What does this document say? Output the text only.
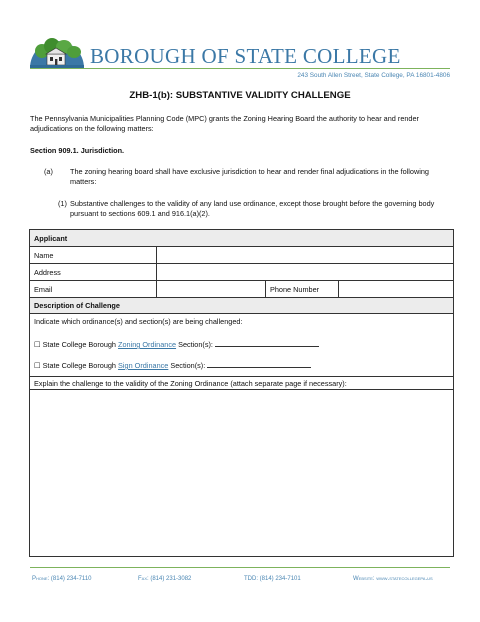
BOROUGH OF STATE COLLEGE
243 South Allen Street, State College, PA 16801-4806
ZHB-1(b): SUBSTANTIVE VALIDITY CHALLENGE
The Pennsylvania Municipalities Planning Code (MPC) grants the Zoning Hearing Board the authority to hear and render adjudications on the following matters:
Section 909.1. Jurisdiction.
(a) The zoning hearing board shall have exclusive jurisdiction to hear and render final adjudications in the following matters:
(1) Substantive challenges to the validity of any land use ordinance, except those brought before the governing body pursuant to sections 609.1 and 916.1(a)(2).
Applicant
Name
Address
Email	Phone Number
Description of Challenge
Indicate which ordinance(s) and section(s) are being challenged:
☐ State College Borough Zoning Ordinance Section(s):
☐ State College Borough Sign Ordinance Section(s):
Explain the challenge to the validity of the Zoning Ordinance (attach separate page if necessary):
Phone: (814) 234-7110	Fax: (814) 231-3082	TDD: (814) 234-7101	Website: www.statecollegepa.us
